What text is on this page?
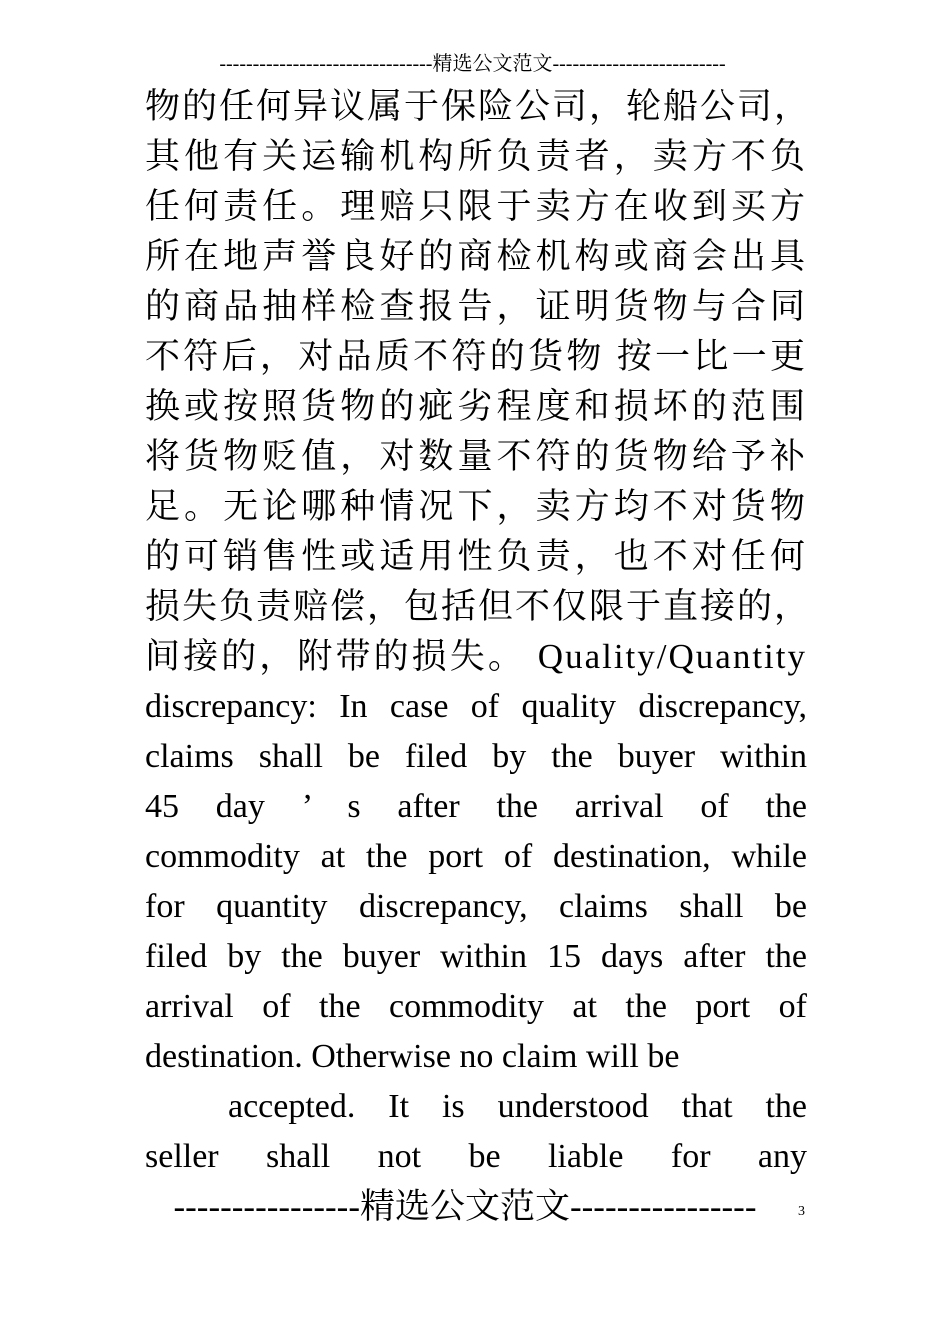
--------------------------------精选公文范文--------------------------
物的任何异议属于保险公司，轮船公司，
其他有关运输机构所负责者，卖方不负
任何责任。理赔只限于卖方在收到买方
所在地声誉良好的商检机构或商会出具
的商品抽样检查报告，证明货物与合同
不符后，对品质不符的货物 按一比一更
换或按照货物的疵劣程度和损坏的范围
将货物贬值，对数量不符的货物给予补
足。无论哪种情况下，卖方均不对货物
的可销售性或适用性负责，也不对任何
损失负责赔偿，包括但不仅限于直接的，
间接的，附带的损失。 Quality/Quantity
discrepancy: In case of quality discrepancy,
claims shall be filed by the buyer within
45 day ’ s after the arrival of the
commodity at the port of destination, while
for quantity discrepancy, claims shall be
filed by the buyer within 15 days after the
arrival of the commodity at the port of
destination. Otherwise no claim will be
accepted. It is understood that the
seller shall not be liable for any
----------------精选公文范文----------------	3
